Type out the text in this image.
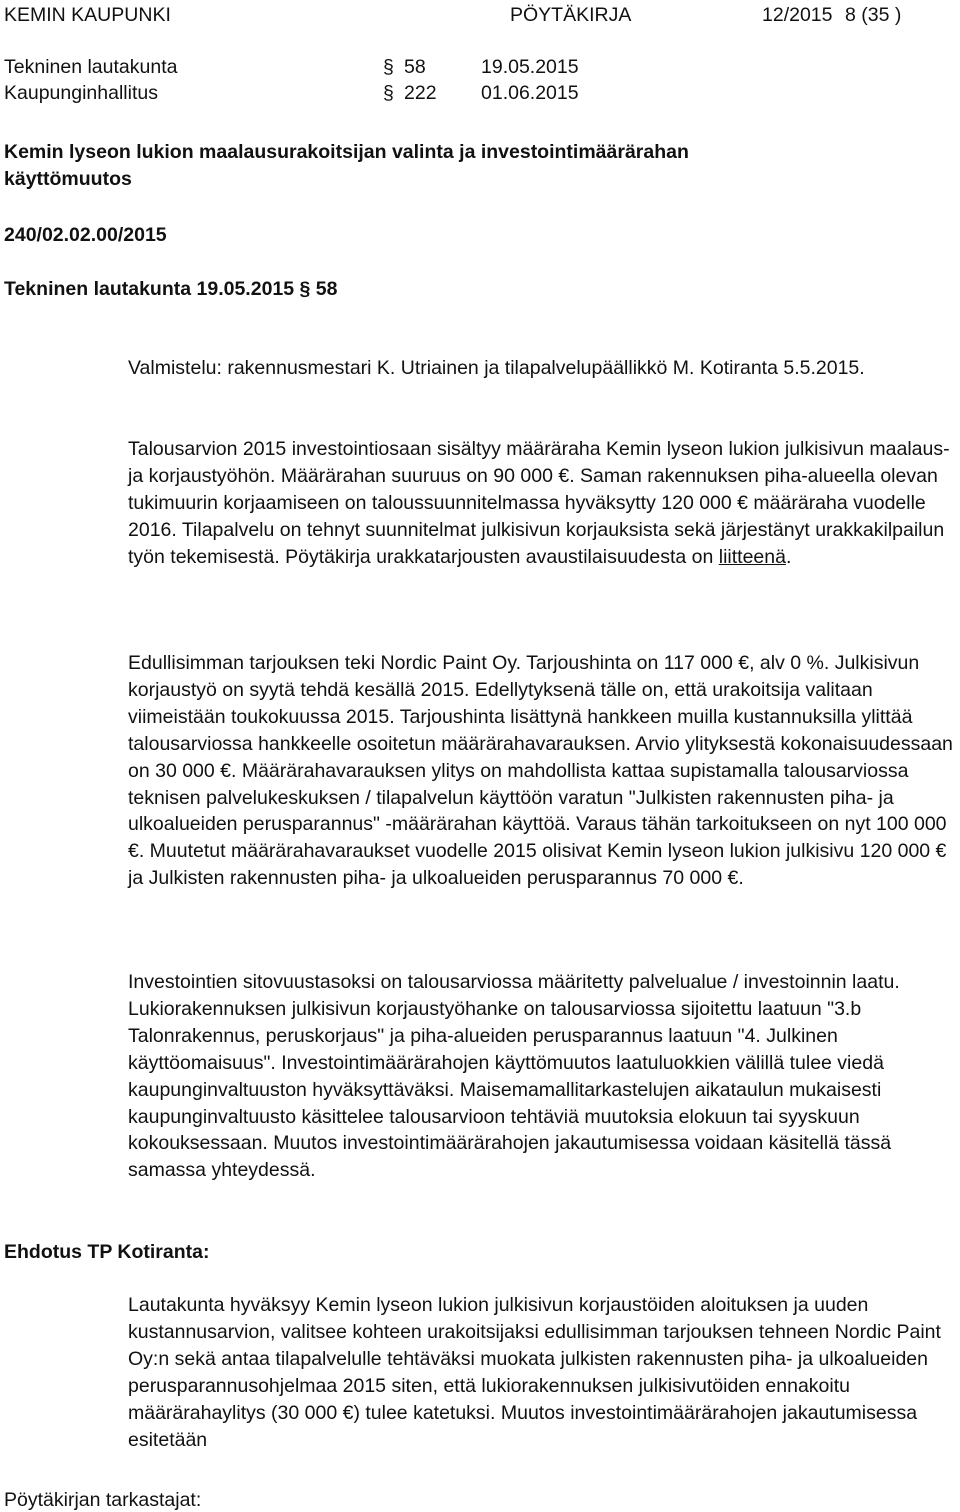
KEMIN KAUPUNKI	PÖYTÄKIRJA	12/2015 8 (35 )
Tekninen lautakunta	§ 58	19.05.2015
Kaupunginhallitus	§ 222 01.06.2015
Kemin lyseon lukion maalausurakoitsijan valinta ja investointimäärärahan
käyttömuutos
240/02.02.00/2015
Tekninen lautakunta 19.05.2015 § 58
Valmistelu: rakennusmestari K. Utriainen ja tilapalvelupäällikkö M. Kotiranta 5.5.2015.
Talousarvion 2015 investointiosaan sisältyy määräraha Kemin lyseon lukion julkisivun maalaus- ja korjaustyöhön. Määrärahan suuruus on 90 000 €. Saman rakennuksen piha-alueella olevan tukimuurin korjaamiseen on taloussuunnitelmassa hyväksytty 120 000 € määräraha vuodelle 2016. Tilapalvelu on tehnyt suunnitelmat julkisivun korjauksista sekä järjestänyt urakkakilpailun työn tekemisestä. Pöytäkirja urakkatarjousten avaustilaisuudesta on liitteenä.
Edullisimman tarjouksen teki Nordic Paint Oy. Tarjoushinta on 117 000 €, alv 0 %. Julkisivun korjaustyö on syytä tehdä kesällä 2015. Edellytyksenä tälle on, että urakoitsija valitaan viimeistään toukokuussa 2015. Tarjoushinta lisättynä hankkeen muilla kustannuksilla ylittää talousarviossa hankkeelle osoitetun määrärahavarauksen. Arvio ylityksestä kokonaisuudessaan on 30 000 €. Määrärahavarauksen ylitys on mahdollista kattaa supistamalla talousarviossa teknisen palvelukeskuksen / tilapalvelun käyttöön varatun "Julkisten rakennusten piha- ja ulkoalueiden perusparannus" -määrärahan käyttöä. Varaus tähän tarkoitukseen on nyt 100 000 €. Muutetut määrärahavaraukset vuodelle 2015 olisivat Kemin lyseon lukion julkisivu 120 000 € ja Julkisten rakennusten piha- ja ulkoalueiden perusparannus 70 000 €.
Investointien sitovuustasoksi on talousarviossa määritetty palvelualue / investoinnin laatu. Lukiorakennuksen julkisivun korjaustyöhanke on talousarviossa sijoitettu laatuun "3.b Talonrakennus, peruskorjaus" ja piha-alueiden perusparannus laatuun "4. Julkinen käyttöomaisuus". Investointimäärärahojen käyttömuutos laatuluokkien välillä tulee viedä kaupunginvaltuuston hyväksyttäväksi. Maisemamallitarkastelujen aikataulun mukaisesti kaupunginvaltuusto käsittelee talousarvioon tehtäviä muutoksia elokuun tai syyskuun kokouksessaan. Muutos investointimäärärahojen jakautumisessa voidaan käsitellä tässä samassa yhteydessä.
Ehdotus TP Kotiranta:
Lautakunta hyväksyy Kemin lyseon lukion julkisivun korjaustöiden aloituksen ja uuden kustannusarvion, valitsee kohteen urakoitsijaksi edullisimman tarjouksen tehneen Nordic Paint Oy:n sekä antaa tilapalvelulle tehtäväksi muokata julkisten rakennusten piha- ja ulkoalueiden perusparannusohjelmaa 2015 siten, että lukiorakennuksen julkisivutöiden ennakoitu määrärahaylitys (30 000 €) tulee katetuksi. Muutos investointimäärärahojen jakautumisessa esitetään
Pöytäkirjan tarkastajat:
